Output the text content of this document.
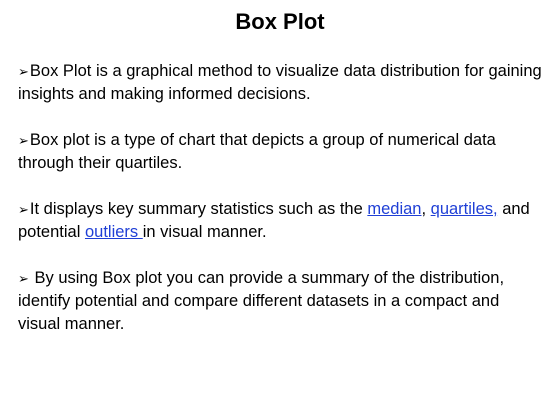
Box Plot
➢Box Plot is a graphical method to visualize data distribution for gaining insights and making informed decisions.
➢Box plot is a type of chart that depicts a group of numerical data through their quartiles.
➢It displays key summary statistics such as the median, quartiles, and potential outliers in visual manner.
➢ By using Box plot you can provide a summary of the distribution, identify potential and compare different datasets in a compact and visual manner.
